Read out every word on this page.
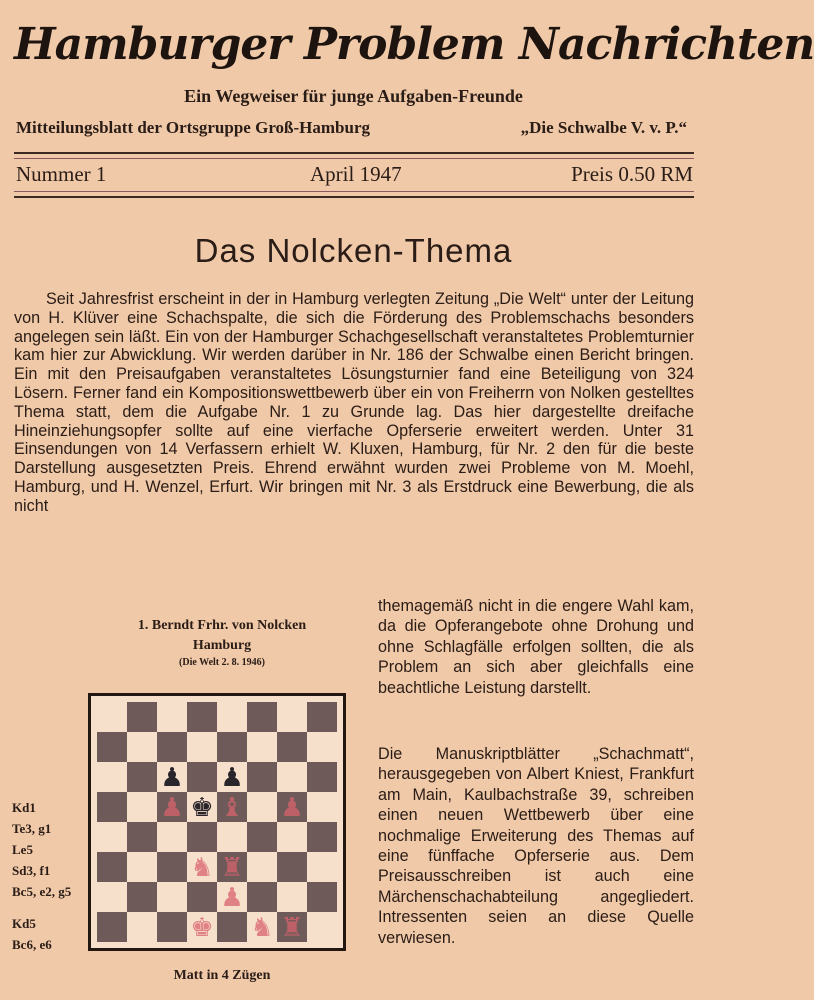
Hamburger Problem Nachrichten
Ein Wegweiser für junge Aufgaben-Freunde
Mitteilungsblatt der Ortsgruppe Groß-Hamburg	„Die Schwalbe V. v. P.“
Nummer 1	April 1947	Preis 0.50 RM
Das Nolcken-Thema

Seit Jahresfrist erscheint in der in Hamburg verlegten Zeitung „Die Welt“ unter der Leitung von H. Klüver eine Schachspalte, die sich die Förderung des Problemschachs besonders angelegen sein läßt. Ein von der Hamburger Schachgesellschaft veranstaltetes Problemturnier kam hier zur Abwicklung. Wir werden darüber in Nr. 186 der Schwalbe einen Bericht bringen. Ein mit den Preisaufgaben veranstaltetes Lösungsturnier fand eine Beteiligung von 324 Lösern. Ferner fand ein Kompositionswettbewerb über ein von Freiherrn von Nolken gestelltes Thema statt, dem die Aufgabe Nr. 1 zu Grunde lag. Das hier dargestellte dreifache Hineinziehungsopfer sollte auf eine vierfache Opferserie erweitert werden. Unter 31 Einsendungen von 14 Verfassern erhielt W. Kluxen, Hamburg, für Nr. 2 den für die beste Darstellung ausgesetzten Preis. Ehrend erwähnt wurden zwei Probleme von M. Moehl, Hamburg, und H. Wenzel, Erfurt. Wir bringen mit Nr. 3 als Erstdruck eine Bewerbung, die als nicht

themagemäß nicht in die engere Wahl kam, da die Opferangebote ohne Drohung und ohne Schlagfälle erfolgen sollten, die als Problem an sich aber gleichfalls eine beachtliche Leistung darstellt.

Die Manuskriptblätter „Schachmatt“, herausgegeben von Albert Kniest, Frankfurt am Main, Kaulbachstraße 39, schreiben einen neuen Wettbewerb über eine nochmalige Erweiterung des Themas auf eine fünffache Opferserie aus. Dem Preisausschreiben ist auch eine Märchenschachabteilung angegliedert. Intressenten seien an diese Quelle verwiesen.

1. Berndt Frhr. von Nolcken
Hamburg
(Die Welt 2. 8. 1946)
♟ ♟
♚
♟ ♝ ♟
♜
♞
♟
♚ ♞ ♜
Kd1
Te3, g1
Le5
Sd3, f1
Bc5, e2, g5
Kd5
Bc6, e6
Matt in 4 Zügen
